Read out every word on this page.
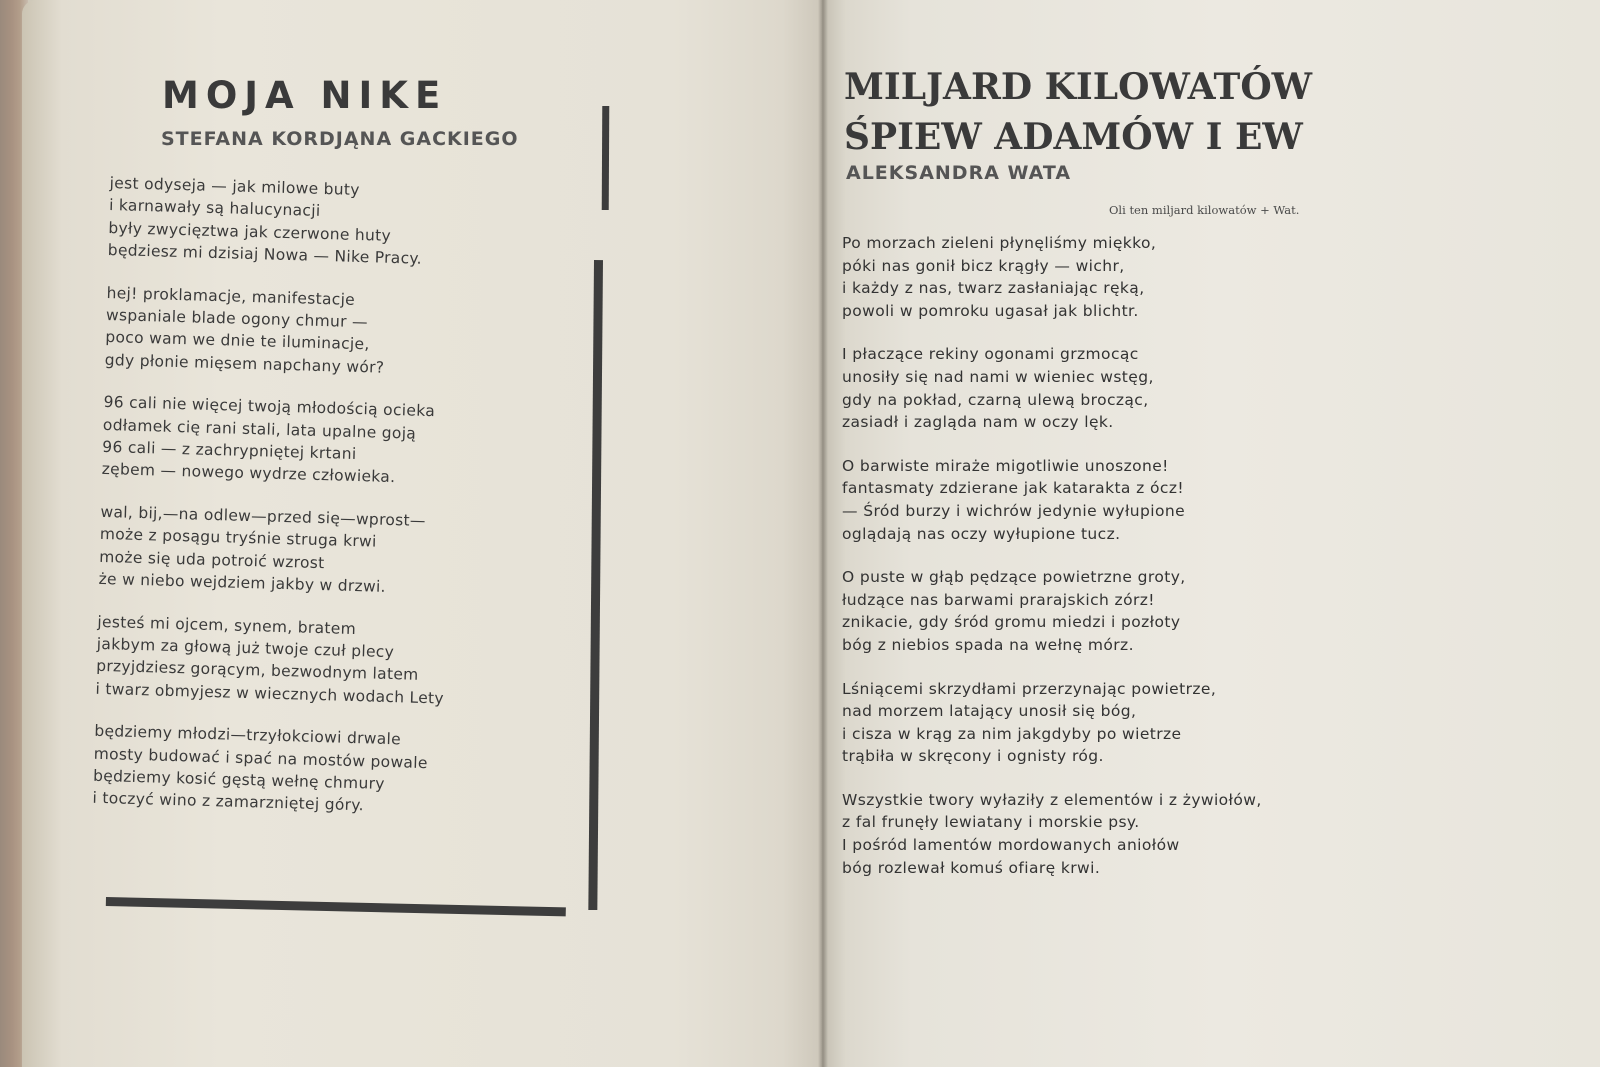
MOJA NIKE
STEFANA KORDJĄNA GACKIEGO
jest odyseja — jak milowe buty
i karnawały są halucynacji
były zwycięztwa jak czerwone huty
będziesz mi dzisiaj Nowa — Nike Pracy.
hej! proklamacje, manifestacje
wspaniale blade ogony chmur —
poco wam we dnie te iluminacje,
gdy płonie mięsem napchany wór?
96 cali nie więcej twoją młodością ocieka
odłamek cię rani stali, lata upalne goją
96 cali — z zachrypniętej krtani
zębem — nowego wydrze człowieka.
wal, bij,—na odlew—przed się—wprost—
może z posągu tryśnie struga krwi
może się uda potroić wzrost
że w niebo wejdziem jakby w drzwi.
jesteś mi ojcem, synem, bratem
jakbym za głową już twoje czuł plecy
przyjdziesz gorącym, bezwodnym latem
i twarz obmyjesz w wiecznych wodach Lety
będziemy młodzi—trzyłokciowi drwale
mosty budować i spać na mostów powale
będziemy kosić gęstą wełnę chmury
i toczyć wino z zamarzniętej góry.
MILJARD KILOWATÓW
ŚPIEW ADAMÓW I EW
ALEKSANDRA WATA

Oli ten miljard kilowatów + Wat.

Po morzach zieleni płynęliśmy miękko,
póki nas gonił bicz krągły — wichr,
i każdy z nas, twarz zasłaniając ręką,
powoli w pomroku ugasał jak blichtr.
I płaczące rekiny ogonami grzmocąc
unosiły się nad nami w wieniec wstęg,
gdy na pokład, czarną ulewą brocząc,
zasiadł i zagląda nam w oczy lęk.
O barwiste miraże migotliwie unoszone!
fantasmaty zdzierane jak katarakta z ócz!
— Śród burzy i wichrów jedynie wyłupione
oglądają nas oczy wyłupione tucz.
O puste w głąb pędzące powietrzne groty,
łudzące nas barwami prarajskich zórz!
znikacie, gdy śród gromu miedzi i pozłoty
bóg z niebios spada na wełnę mórz.
Lśniącemi skrzydłami przerzynając powietrze,
nad morzem latający unosił się bóg,
i cisza w krąg za nim jakgdyby po wietrze
trąbiła w skręcony i ognisty róg.
Wszystkie twory wyłaziły z elementów i z żywiołów,
z fal frunęły lewiatany i morskie psy.
I pośród lamentów mordowanych aniołów
bóg rozlewał komuś ofiarę krwi.
